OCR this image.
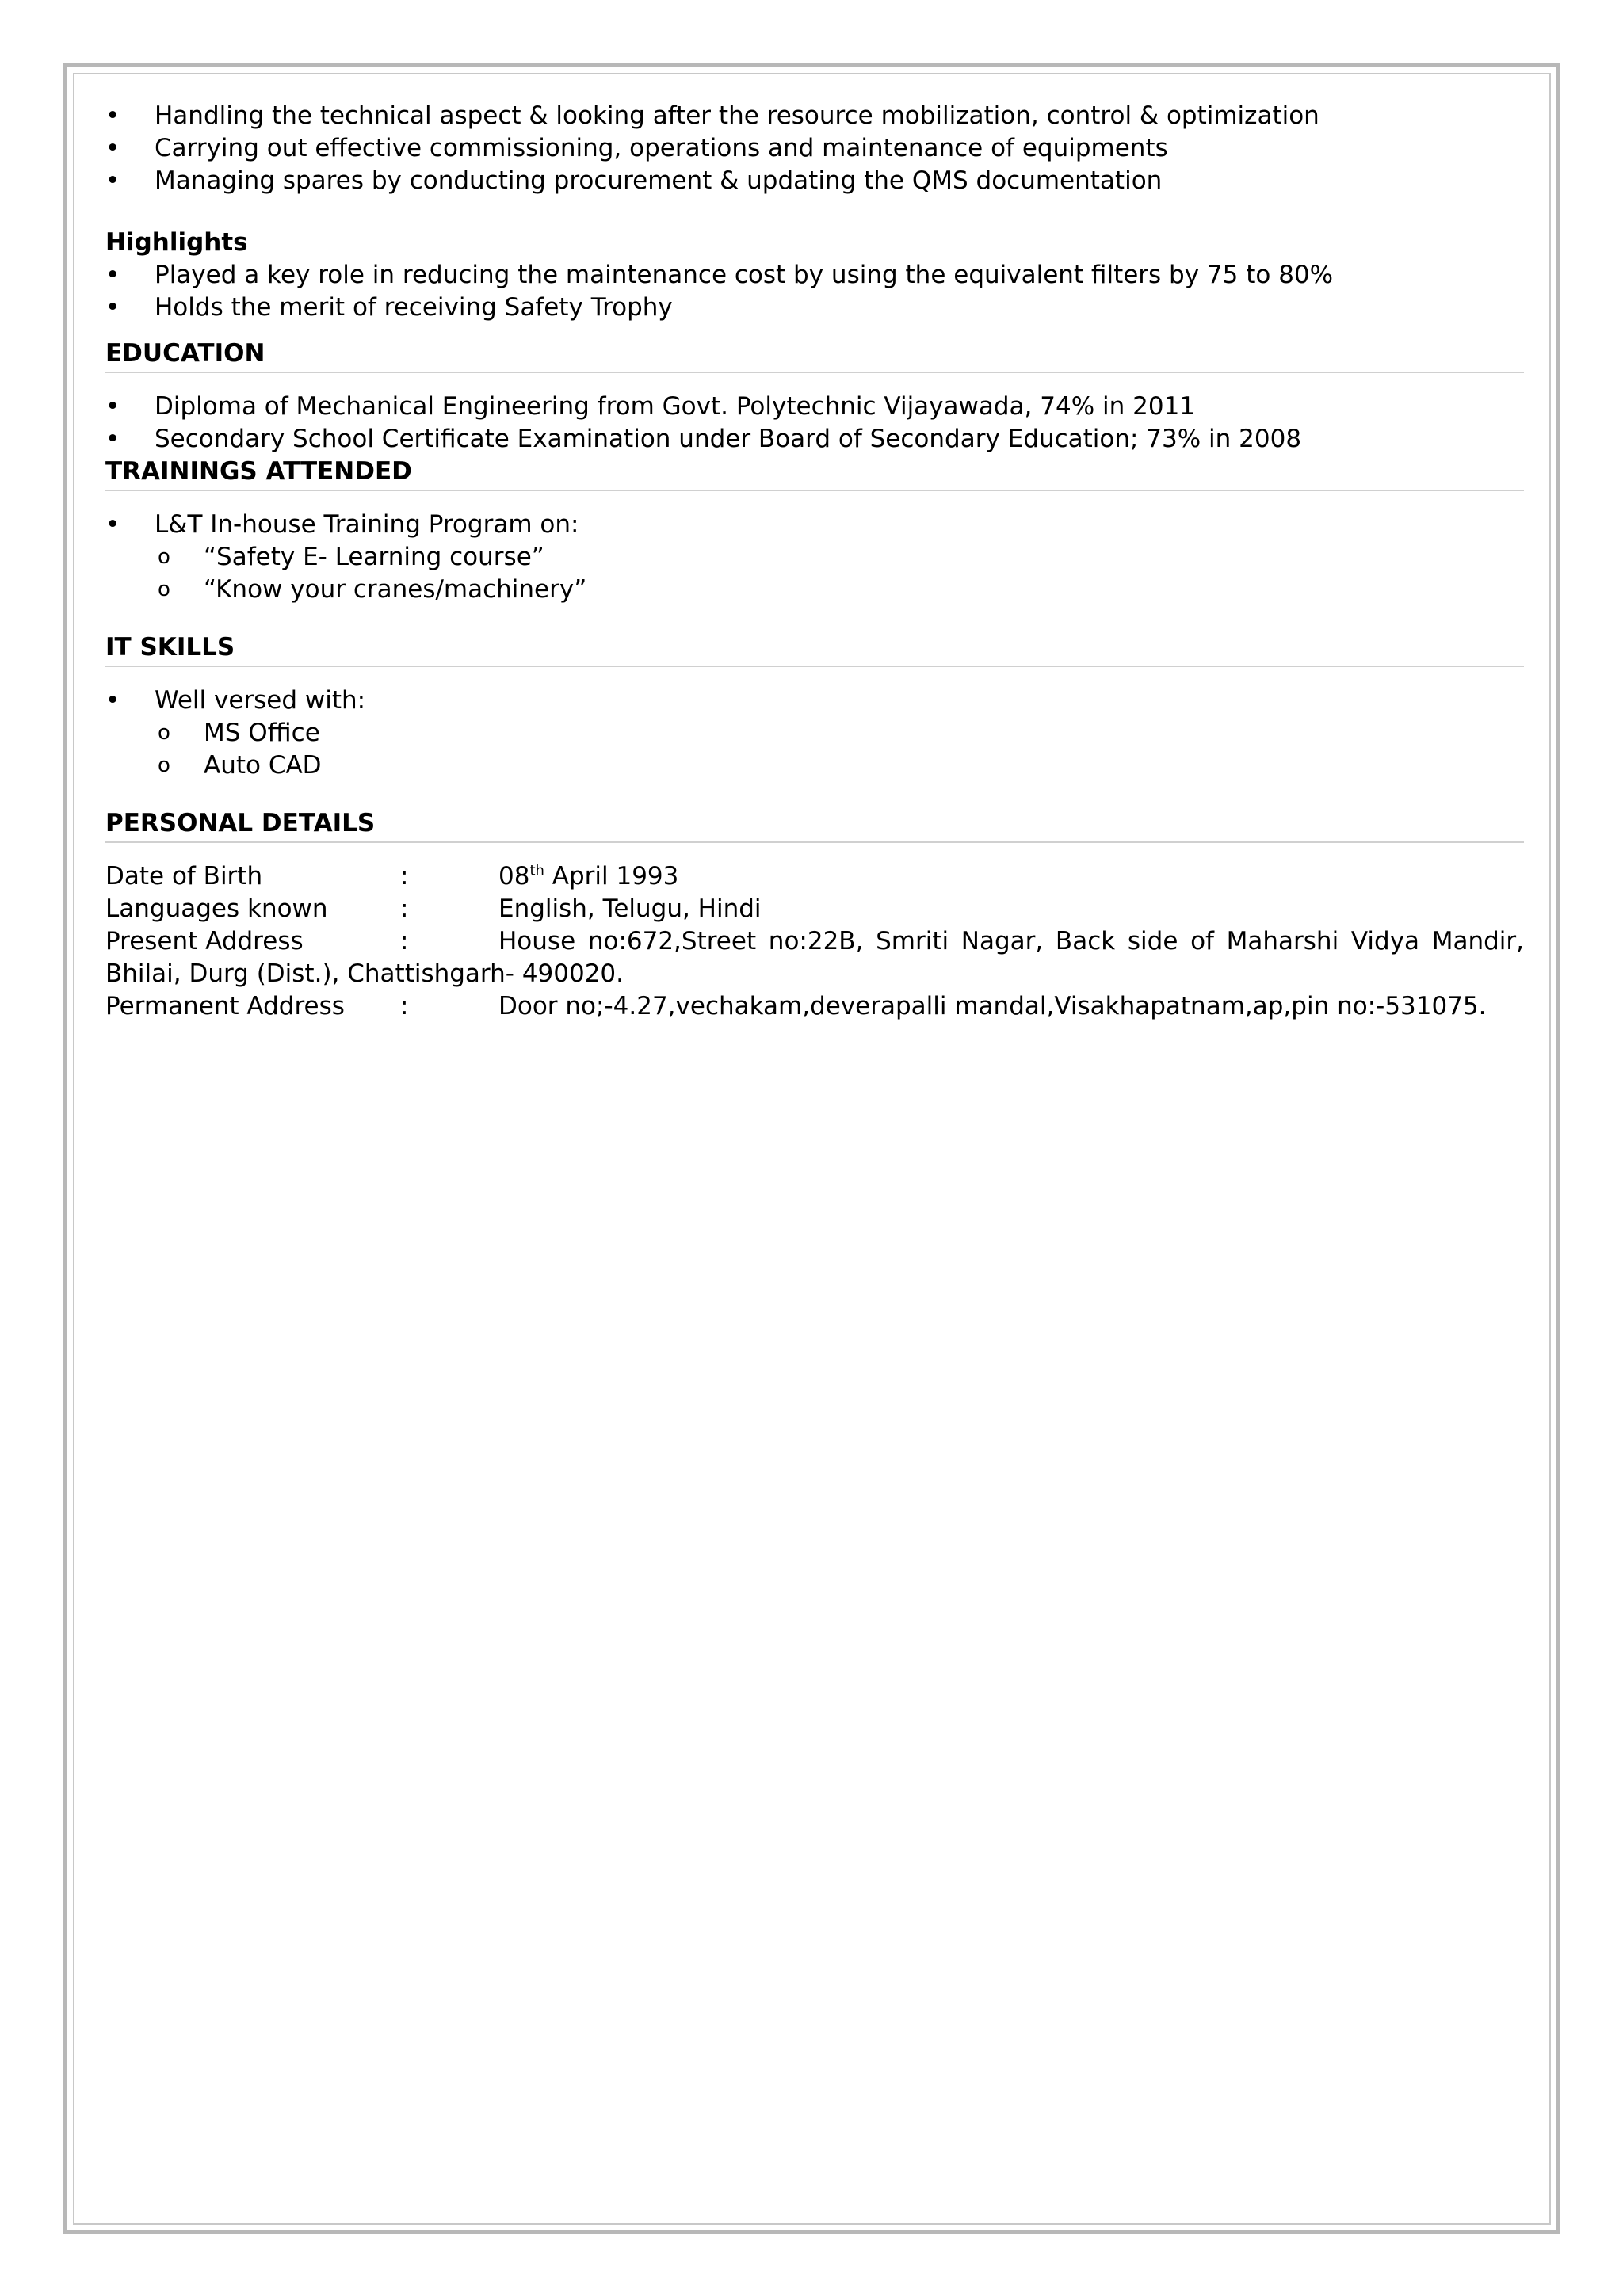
• Handling the technical aspect & looking after the resource mobilization, control & optimization
• Carrying out effective commissioning, operations and maintenance of equipments
• Managing spares by conducting procurement & updating the QMS documentation
Highlights
• Played a key role in reducing the maintenance cost by using the equivalent filters by 75 to 80%
• Holds the merit of receiving Safety Trophy
EDUCATION
• Diploma of Mechanical Engineering from Govt. Polytechnic Vijayawada, 74% in 2011
• Secondary School Certificate Examination under Board of Secondary Education; 73% in 2008
TRAININGS ATTENDED
• L&T In-house Training Program on:
o “Safety E- Learning course”
o “Know your cranes/machinery”
IT SKILLS
• Well versed with:
o MS Office
o Auto CAD
PERSONAL DETAILS
Date of Birth	:	08th April 1993
Languages known	:	English, Telugu, Hindi
Present Address	:	House no:672,Street no:22B, Smriti Nagar, Back side of Maharshi Vidya Mandir, Bhilai, Durg (Dist.), Chattishgarh- 490020.
Permanent Address	:	Door no;-4.27,vechakam,deverapalli mandal,Visakhapatnam,ap,pin no:-531075.
